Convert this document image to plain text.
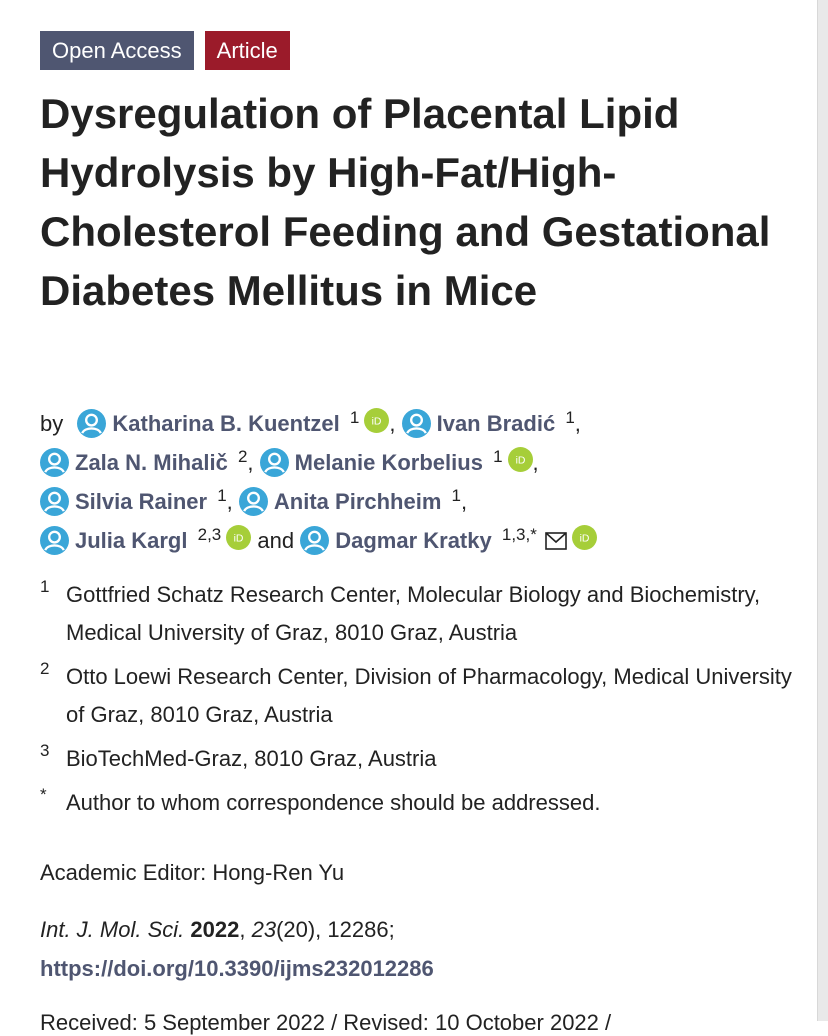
Open Access	Article
Dysregulation of Placental Lipid Hydrolysis by High-Fat/High-Cholesterol Feeding and Gestational Diabetes Mellitus in Mice
by Katharina B. Kuentzel $^1$ iD , Ivan Bradić $^1$,
Zala N. Mihalič $^2$, Melanie Korbelius $^1$ iD ,
Silvia Rainer $^1$, Anita Pirchheim $^1$,
Julia Kargl $^{2,3}$ iD and Dagmar Kratky $^{1,3,*}$	iD
1 Gottfried Schatz Research Center, Molecular Biology and Biochemistry, Medical University of Graz, 8010 Graz, Austria
2 Otto Loewi Research Center, Division of Pharmacology, Medical University of Graz, 8010 Graz, Austria
3 BioTechMed-Graz, 8010 Graz, Austria
* Author to whom correspondence should be addressed.
Academic Editor: Hong-Ren Yu
Int. J. Mol. Sci. 2022, 23(20), 12286;
https://doi.org/10.3390/ijms232012286
Received: 5 September 2022 / Revised: 10 October 2022 /
